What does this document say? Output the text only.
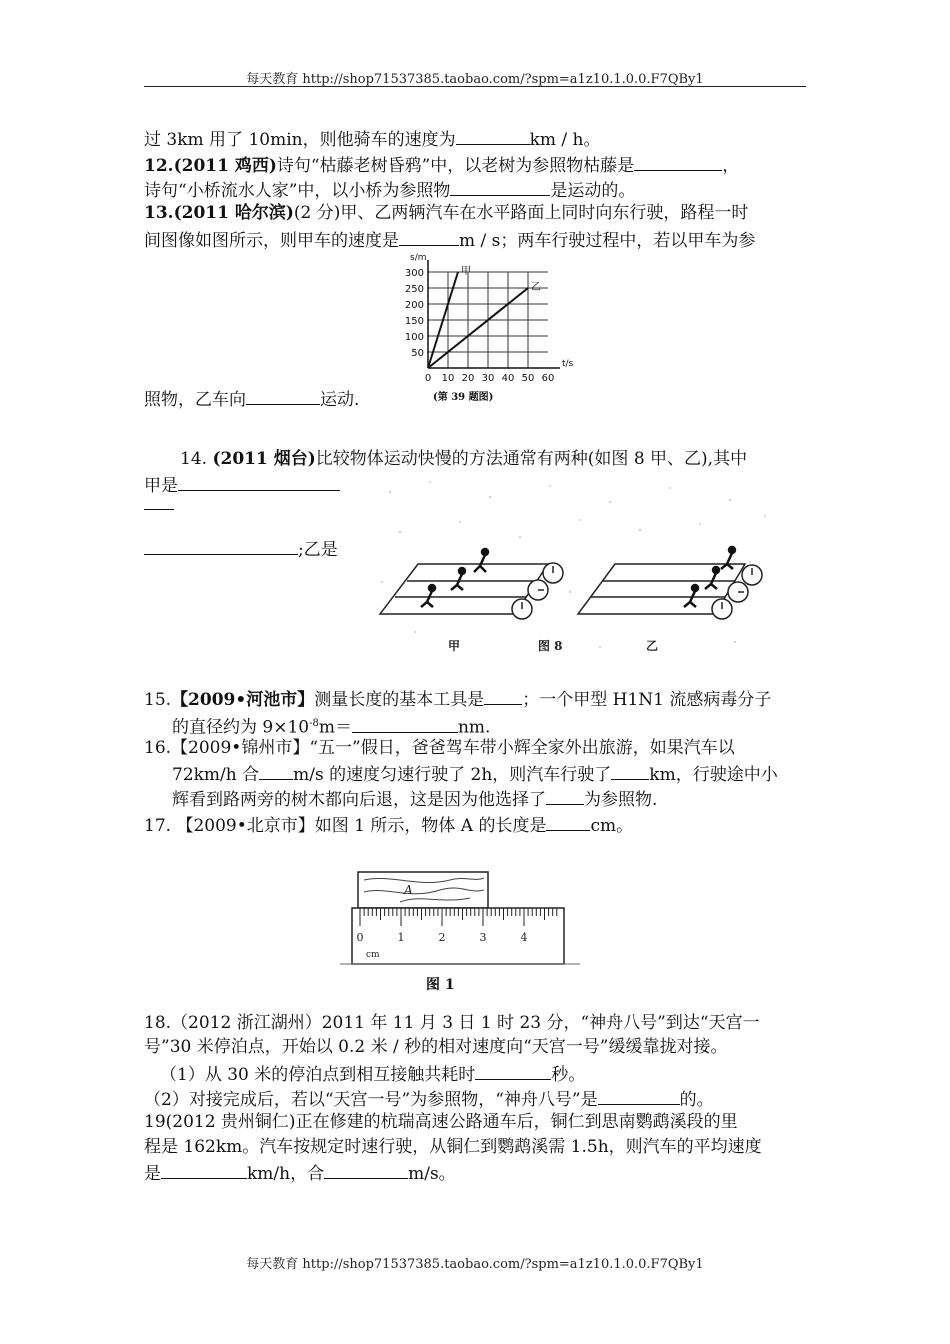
每天教育 http://shop71537385.taobao.com/?spm=a1z10.1.0.0.F7QBy1
过 3km 用了 10min，则他骑车的速度为	km / h。
12.(2011 鸡西)诗句“枯藤老树昏鸦”中，以老树为参照物枯藤是	，
诗句“小桥流水人家”中，以小桥为参照物	是运动的。
13.(2011 哈尔滨)(2 分)甲、乙两辆汽车在水平路面上同时向东行驶，路程一时
间图像如图所示，则甲车的速度是	m / s；两车行驶过程中，若以甲车为参
0 10 20 30 40 50 60
50
100
150
200
250
300
t/s
s/m
甲
乙
(第 39 题图)
照物，乙车向	运动.
14. (2011 烟台)比较物体运动快慢的方法通常有两种(如图 8 甲、乙),其中
甲是
;乙是
甲	图 8	乙
15.【2009•河池市】测量长度的基本工具是 ；一个甲型 H1N1 流感病毒分子
的直径约为 $9\times 10^{-8}m=$	nm.
16.【2009•锦州市】“五一”假日，爸爸驾车带小辉全家外出旅游，如果汽车以
72km/h 合 m/s 的速度匀速行驶了 2h，则汽车行驶了 km，行驶途中小
辉看到路两旁的树木都向后退，这是因为他选择了 为参照物.
17. 【2009•北京市】如图 1 所示，物体 A 的长度是	cm。
A
0	1	2	3	4
cm
图 1
18.（2012 浙江湖州）2011 年 11 月 3 日 1 时 23 分，“神舟八号”到达“天宫一
号”30 米停泊点，开始以 0.2 米 / 秒的相对速度向“天宫一号”缓缓靠拢对接。
（1）从 30 米的停泊点到相互接触共耗时	秒。
（2）对接完成后，若以“天宫一号”为参照物，“神舟八号”是	的。
19(2012 贵州铜仁)正在修建的杭瑞高速公路通车后，铜仁到思南鹦鹉溪段的里
程是 162km。汽车按规定时速行驶，从铜仁到鹦鹉溪需 1.5h，则汽车的平均速度
是	km/h，合	m/s。
每天教育 http://shop71537385.taobao.com/?spm=a1z10.1.0.0.F7QBy1
